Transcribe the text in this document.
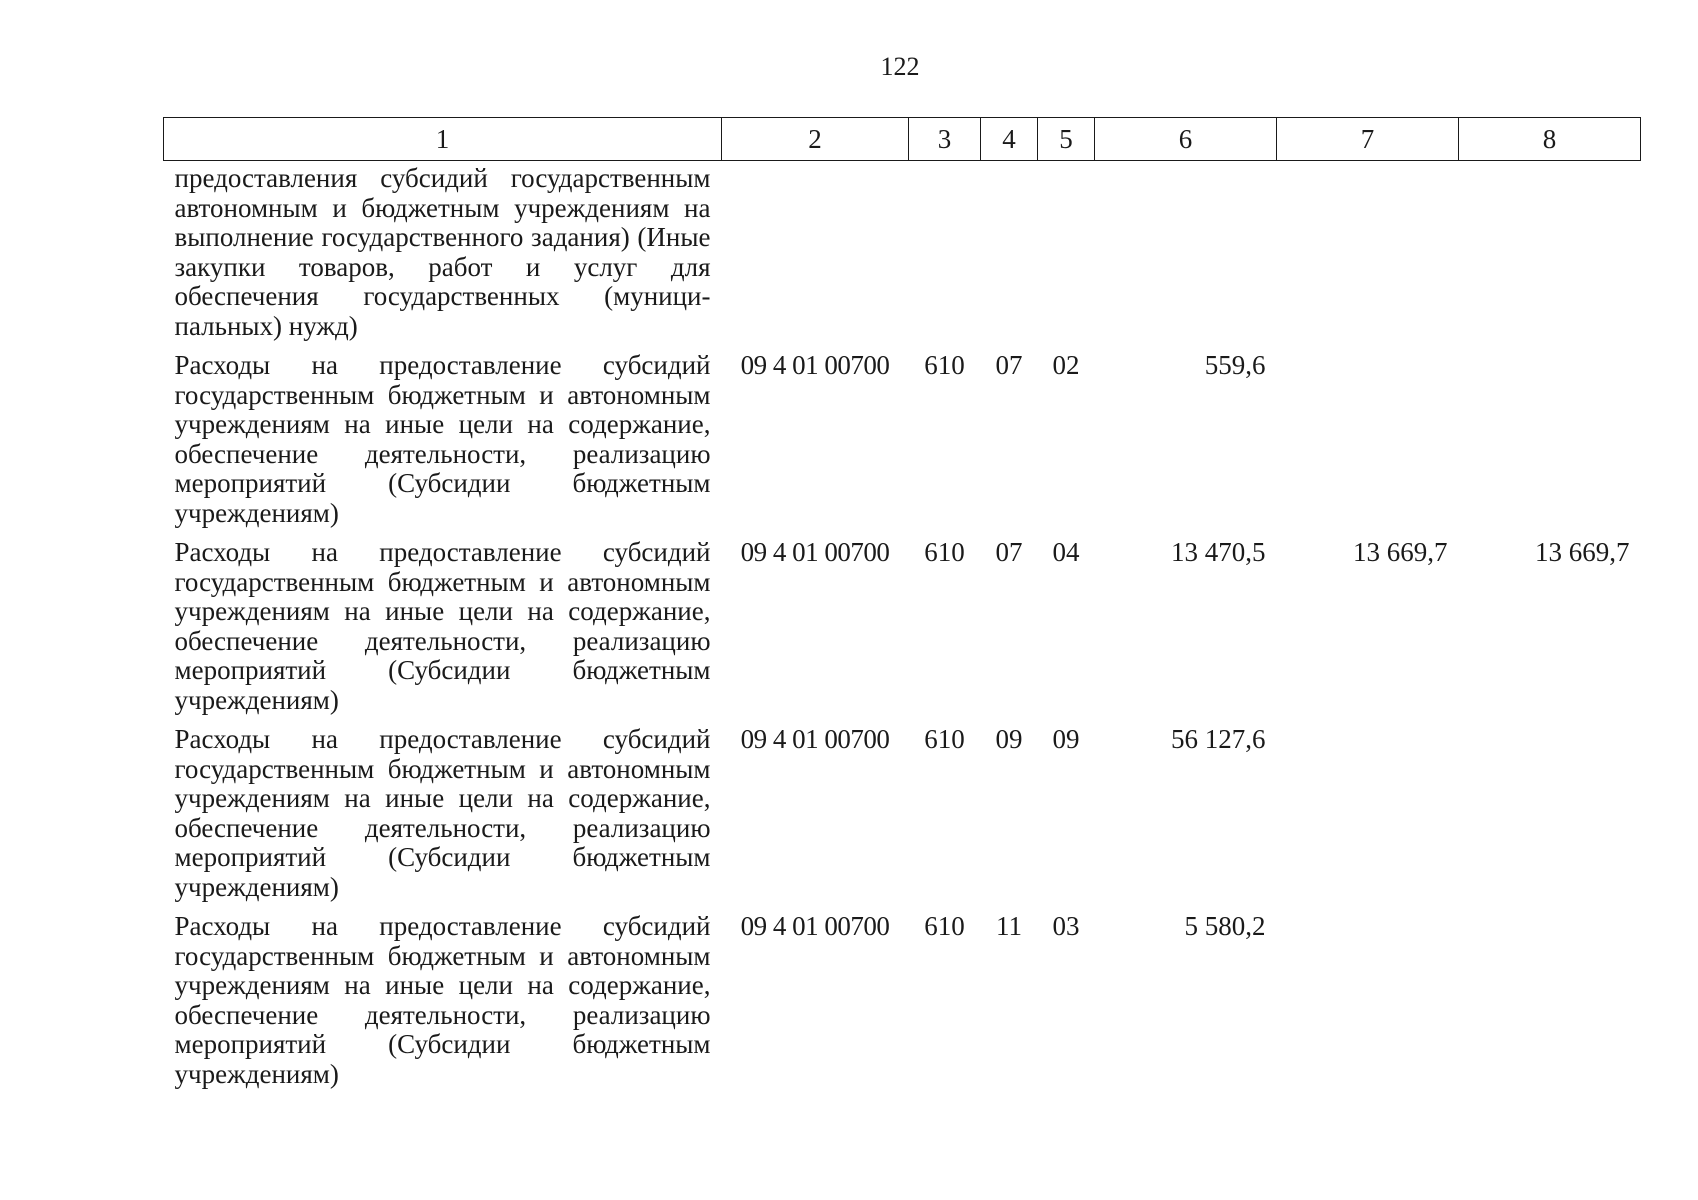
122
1	2	3	4	5	6	7	8
предоставления субсидий государственным автономным и бюджетным учреждениям на выполнение государственного задания) (Иные закупки товаров, работ и услуг для обеспечения государственных (муници-пальных) нужд)							
Расходы на предоставление субсидий государственным бюджетным и автономным учреждениям на иные цели на содержание, обеспечение деятельности, реализацию мероприятий (Субсидии бюджетным учреждениям)	09 4 01 00700	610	07	02	559,6		
Расходы на предоставление субсидий государственным бюджетным и автономным учреждениям на иные цели на содержание, обеспечение деятельности, реализацию мероприятий (Субсидии бюджетным учреждениям)	09 4 01 00700	610	07	04	13 470,5	13 669,7	13 669,7
Расходы на предоставление субсидий государственным бюджетным и автономным учреждениям на иные цели на содержание, обеспечение деятельности, реализацию мероприятий (Субсидии бюджетным учреждениям)	09 4 01 00700	610	09	09	56 127,6		
Расходы на предоставление субсидий государственным бюджетным и автономным учреждениям на иные цели на содержание, обеспечение деятельности, реализацию мероприятий (Субсидии бюджетным учреждениям)	09 4 01 00700	610	11	03	5 580,2		
